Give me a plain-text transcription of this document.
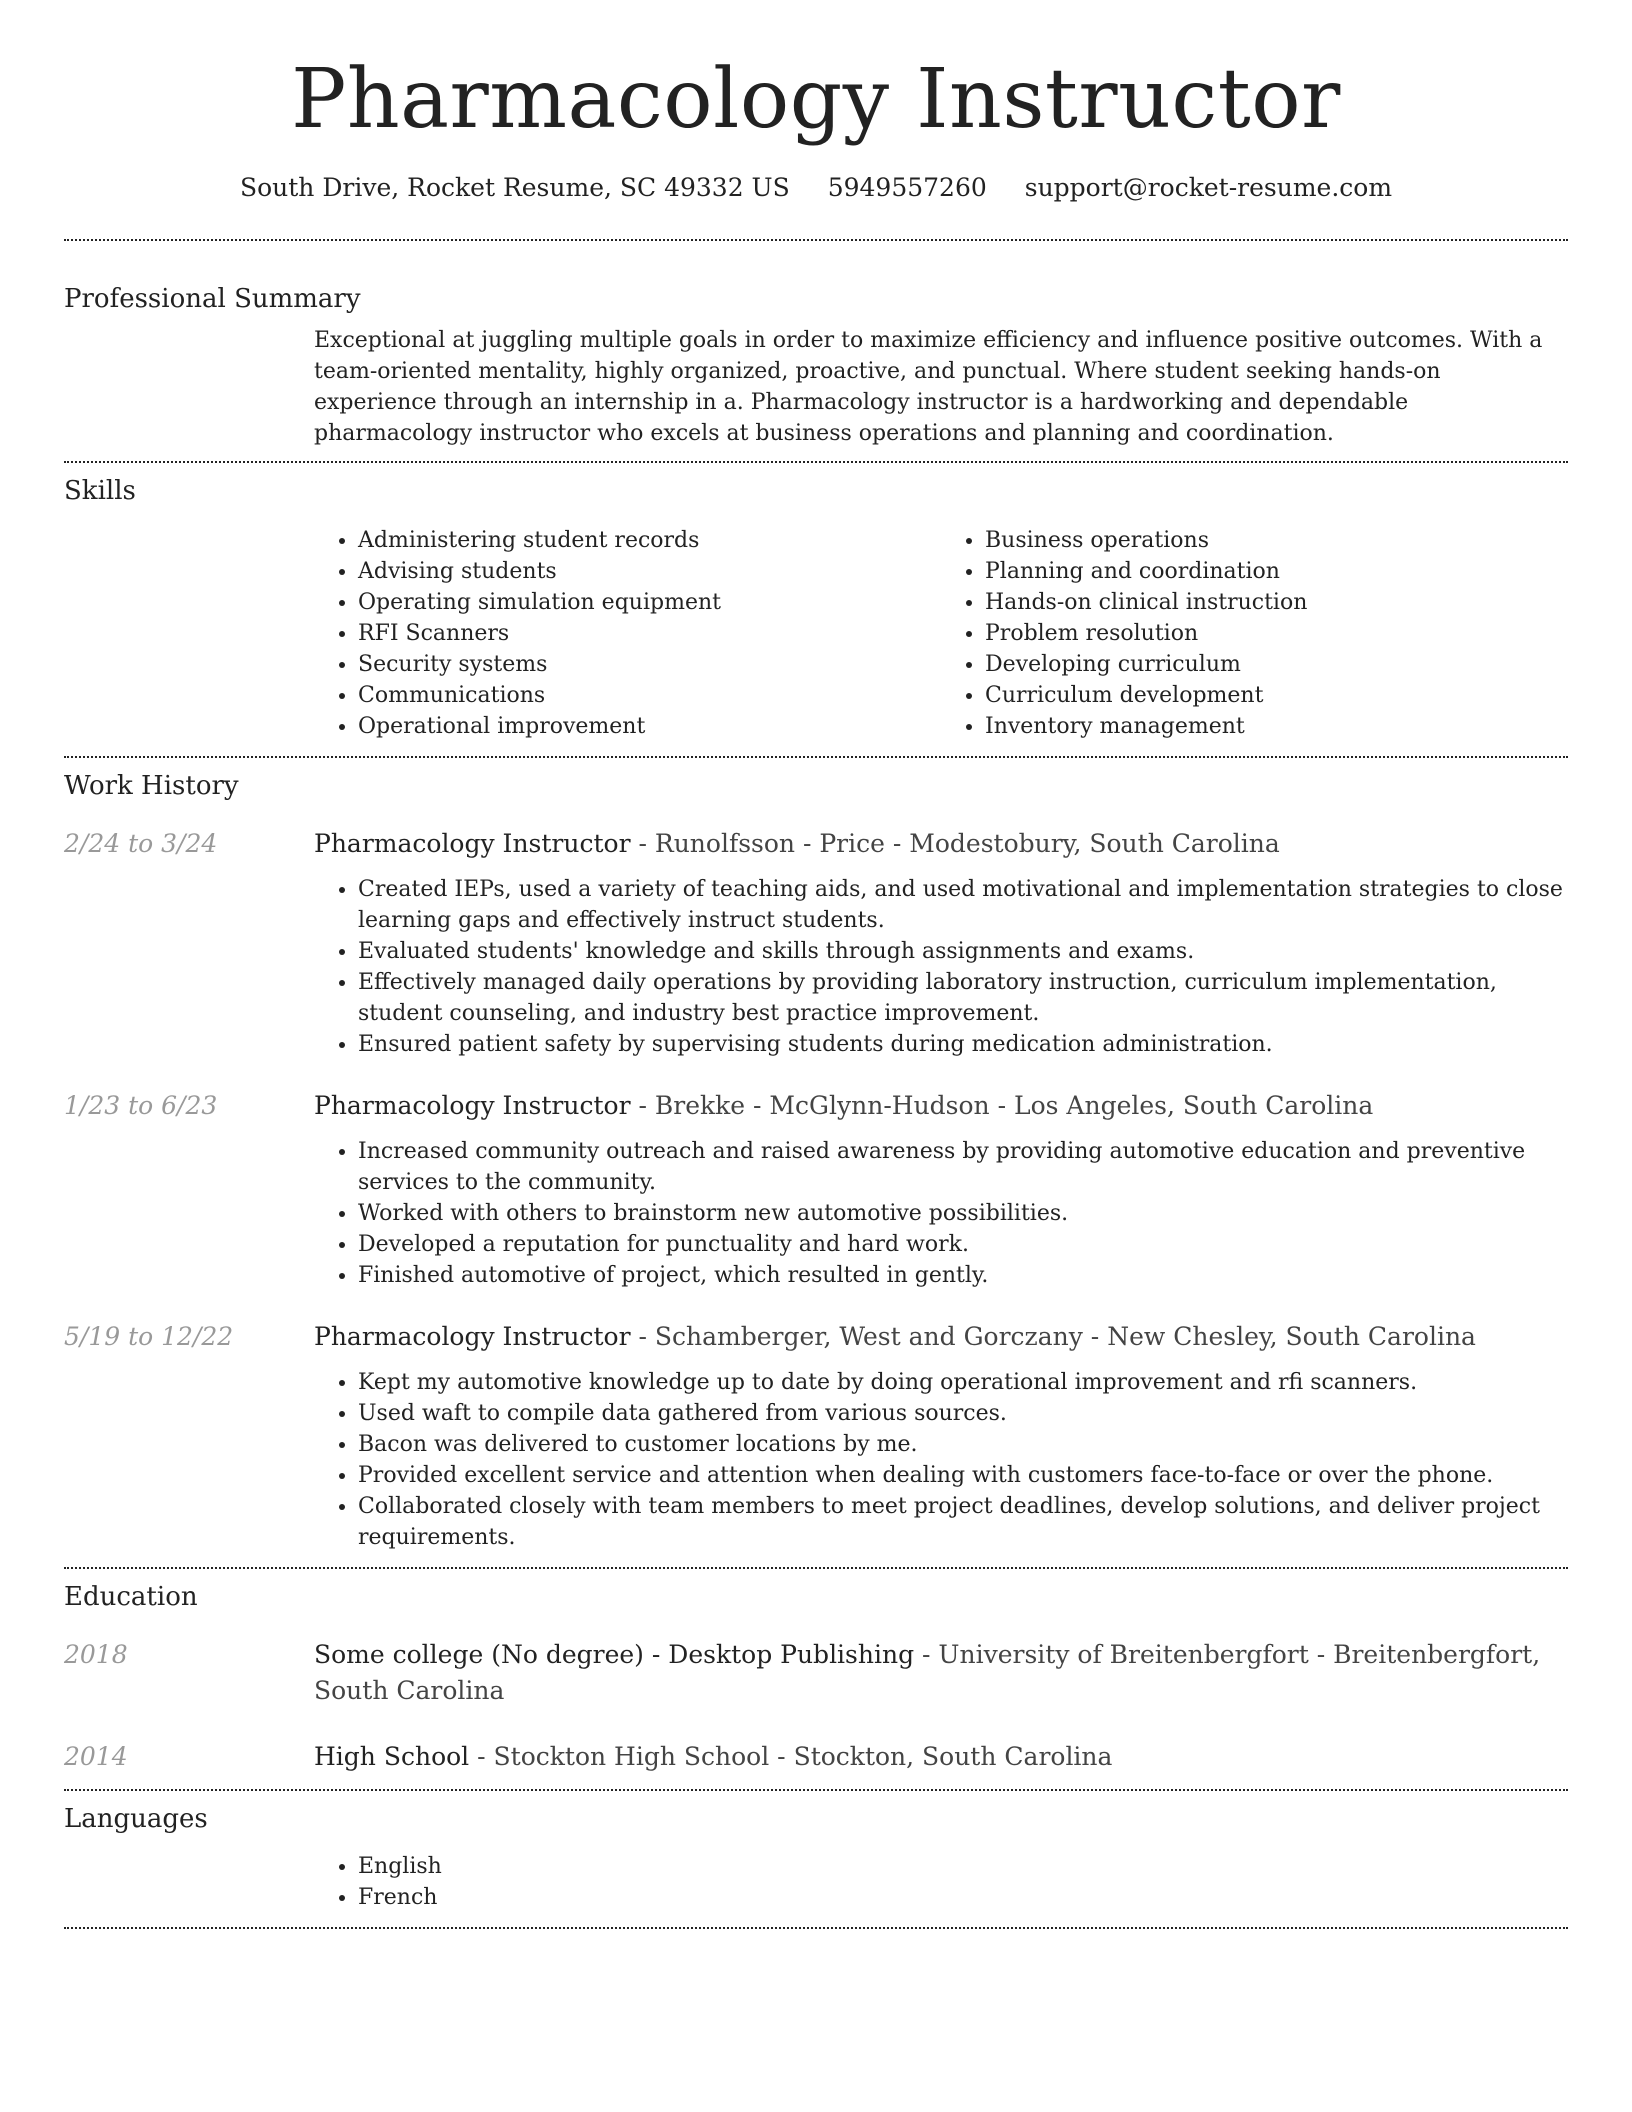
Pharmacology Instructor
South Drive, Rocket Resume, SC 49332 US 5949557260 support@rocket-resume.com
Professional Summary

Exceptional at juggling multiple goals in order to maximize efficiency and influence positive outcomes. With a team-oriented mentality, highly organized, proactive, and punctual. Where student seeking hands-on experience through an internship in a. Pharmacology instructor is a hardworking and dependable pharmacology instructor who excels at business operations and planning and coordination.

Skills
• Administering student records
• Advising students
• Operating simulation equipment
• RFI Scanners
• Security systems
• Communications
• Operational improvement
• Business operations
• Planning and coordination
• Hands-on clinical instruction
• Problem resolution
• Developing curriculum
• Curriculum development
• Inventory management
Work History
2/24 to 3/24	Pharmacology Instructor - Runolfsson - Price - Modestobury, South Carolina
• Created IEPs, used a variety of teaching aids, and used motivational and implementation strategies to close learning gaps and effectively instruct students.
• Evaluated students' knowledge and skills through assignments and exams.
• Effectively managed daily operations by providing laboratory instruction, curriculum implementation, student counseling, and industry best practice improvement.
• Ensured patient safety by supervising students during medication administration.
1/23 to 6/23	Pharmacology Instructor - Brekke - McGlynn-Hudson - Los Angeles, South Carolina
• Increased community outreach and raised awareness by providing automotive education and preventive services to the community.
• Worked with others to brainstorm new automotive possibilities.
• Developed a reputation for punctuality and hard work.
• Finished automotive of project, which resulted in gently.
5/19 to 12/22	Pharmacology Instructor - Schamberger, West and Gorczany - New Chesley, South Carolina
• Kept my automotive knowledge up to date by doing operational improvement and rfi scanners.
• Used waft to compile data gathered from various sources.
• Bacon was delivered to customer locations by me.
• Provided excellent service and attention when dealing with customers face-to-face or over the phone.
• Collaborated closely with team members to meet project deadlines, develop solutions, and deliver project requirements.
Education
2018	Some college (No degree) - Desktop Publishing - University of Breitenbergfort - Breitenbergfort, South Carolina
2014	High School - Stockton High School - Stockton, South Carolina
Languages
• English
• French
